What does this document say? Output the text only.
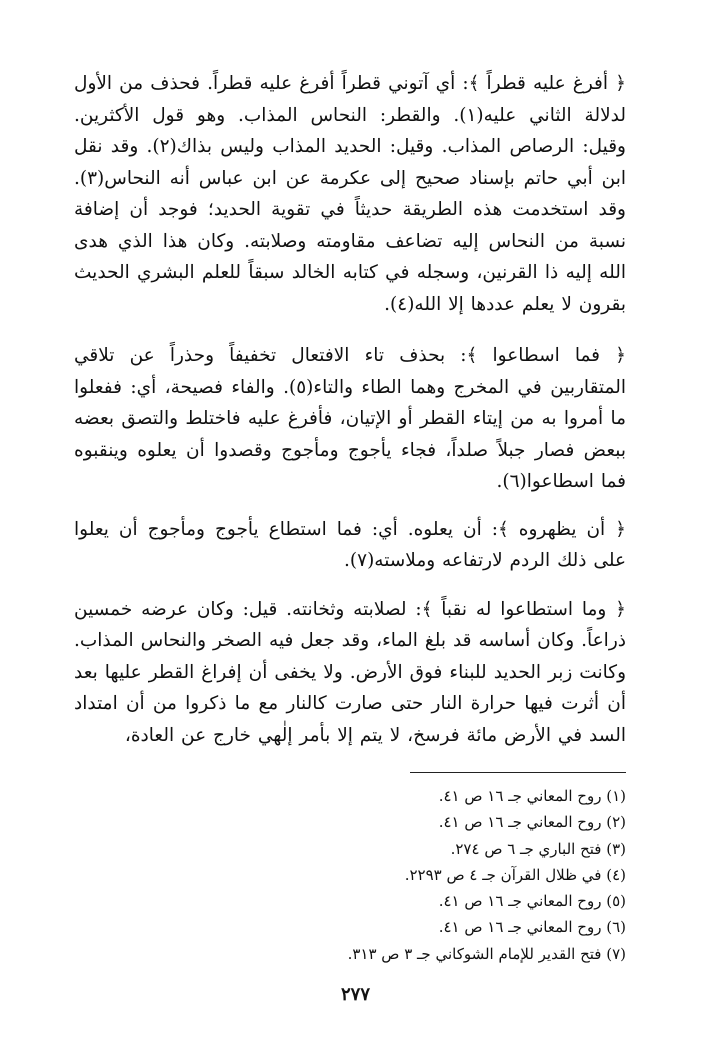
﴿ أفرغ عليه قطراً ﴾: أي آتوني قطراً أفرغ عليه قطراً. فحذف من الأول لدلالة الثاني عليه(١). والقطر: النحاس المذاب. وهو قول الأكثرين. وقيل: الرصاص المذاب. وقيل: الحديد المذاب وليس بذاك(٢). وقد نقل ابن أبي حاتم بإسناد صحيح إلى عكرمة عن ابن عباس أنه النحاس(٣). وقد استخدمت هذه الطريقة حديثاً في تقوية الحديد؛ فوجد أن إضافة نسبة من النحاس إليه تضاعف مقاومته وصلابته. وكان هذا الذي هدى الله إليه ذا القرنين، وسجله في كتابه الخالد سبقاً للعلم البشري الحديث بقرون لا يعلم عددها إلا الله(٤).

﴿ فما اسطاعوا ﴾: بحذف تاء الافتعال تخفيفاً وحذراً عن تلاقي المتقاربين في المخرج وهما الطاء والتاء(٥). والفاء فصيحة، أي: ففعلوا ما أمروا به من إيتاء القطر أو الإتيان، فأفرغ عليه فاختلط والتصق بعضه ببعض فصار جبلاً صلداً، فجاء يأجوج ومأجوج وقصدوا أن يعلوه وينقبوه فما اسطاعوا(٦).

﴿ أن يظهروه ﴾: أن يعلوه. أي: فما استطاع يأجوج ومأجوج أن يعلوا على ذلك الردم لارتفاعه وملاسته(٧).

﴿ وما استطاعوا له نقباً ﴾: لصلابته وثخانته. قيل: وكان عرضه خمسين ذراعاً. وكان أساسه قد بلغ الماء، وقد جعل فيه الصخر والنحاس المذاب. وكانت زبر الحديد للبناء فوق الأرض. ولا يخفى أن إفراغ القطر عليها بعد أن أثرت فيها حرارة النار حتى صارت كالنار مع ما ذكروا من أن امتداد السد في الأرض مائة فرسخ، لا يتم إلا بأمر إلٰهي خارج عن العادة،

(١) روح المعاني جـ ١٦ ص ٤١.
(٢) روح المعاني جـ ١٦ ص ٤١.
(٣) فتح الباري جـ ٦ ص ٢٧٤.
(٤) في ظلال القرآن جـ ٤ ص ٢٢٩٣.
(٥) روح المعاني جـ ١٦ ص ٤١.
(٦) روح المعاني جـ ١٦ ص ٤١.
(٧) فتح القدير للإمام الشوكاني جـ ٣ ص ٣١٣.
٢٧٧
